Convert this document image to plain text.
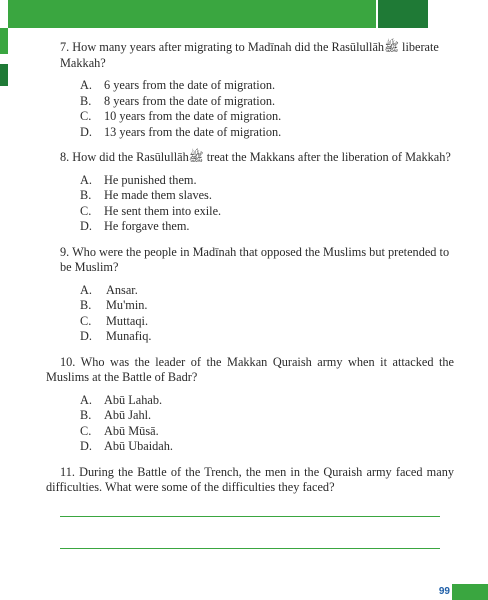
7. How many years after migrating to Madīnah did the Rasūlullāhﷺ liberate Makkah?

A. 6 years from the date of migration.
B.	8 years from the date of migration.
C.	10 years from the date of migration.
D. 13 years from the date of migration.

8. How did the Rasūlullāhﷺ treat the Makkans after the liberation of Makkah?

A. He punished them.
B.	He made them slaves.
C.	He sent them into exile.
D. He forgave them.

9. Who were the people in Madīnah that opposed the Muslims but pretended to be Muslim?

A.	Ansar.
B.	Mu'min.
C.	Muttaqi.
D.	Munafiq.

10. Who was the leader of the Makkan Quraish army when it attacked the Muslims at the Battle of Badr?

A. Abū Lahab.
B.	Abū Jahl.
C.	Abū Mūsā.
D. Abū Ubaidah.

11. During the Battle of the Trench, the men in the Quraish army faced many difficulties. What were some of the difficulties they faced?

99
